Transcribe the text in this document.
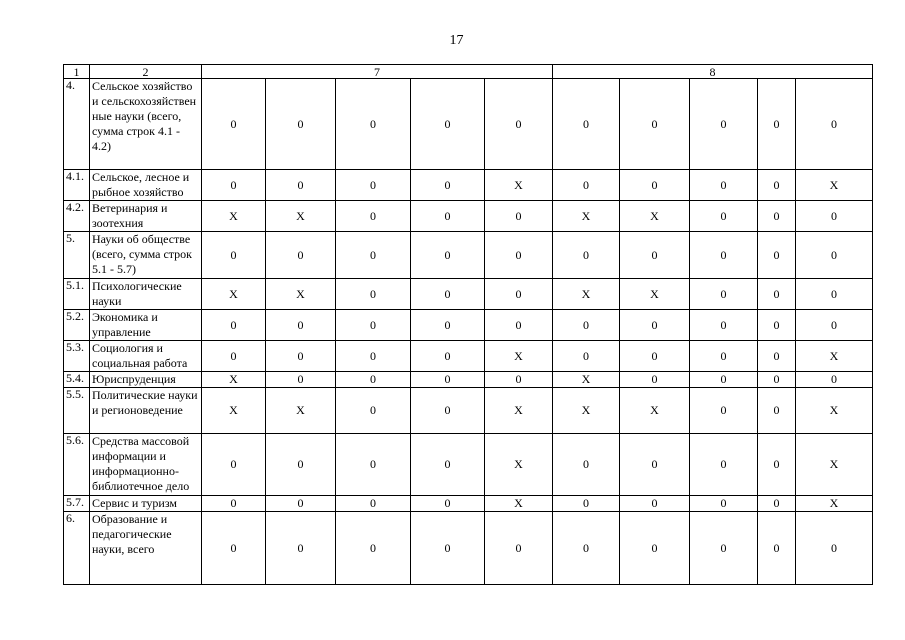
17
1	2	7					8				
4.	Сельское хозяйство и сельскохозяйствен ные науки (всего, сумма строк 4.1 - 4.2)	0	0	0	0	0	0	0	0	0	0
4.1.	Сельское, лесное и рыбное хозяйство	0	0	0	0	Х	0	0	0	0	Х
4.2.	Ветеринария и зоотехния	Х	Х	0	0	0	Х	Х	0	0	0
5.	Науки об обществе (всего, сумма строк 5.1 - 5.7)	0	0	0	0	0	0	0	0	0	0
5.1.	Психологические науки	Х	Х	0	0	0	Х	Х	0	0	0
5.2.	Экономика и управление	0	0	0	0	0	0	0	0	0	0
5.3.	Социология и социальная работа	0	0	0	0	Х	0	0	0	0	Х
5.4.	Юриспруденция	Х	0	0	0	0	Х	0	0	0	0
5.5.	Политические науки и регионоведение	Х	Х	0	0	Х	Х	Х	0	0	Х
5.6.	Средства массовой информации и информационно-библиотечное дело	0	0	0	0	Х	0	0	0	0	Х
5.7.	Сервис и туризм	0	0	0	0	Х	0	0	0	0	Х
6.	Образование и педагогические науки, всего	0	0	0	0	0	0	0	0	0	0
